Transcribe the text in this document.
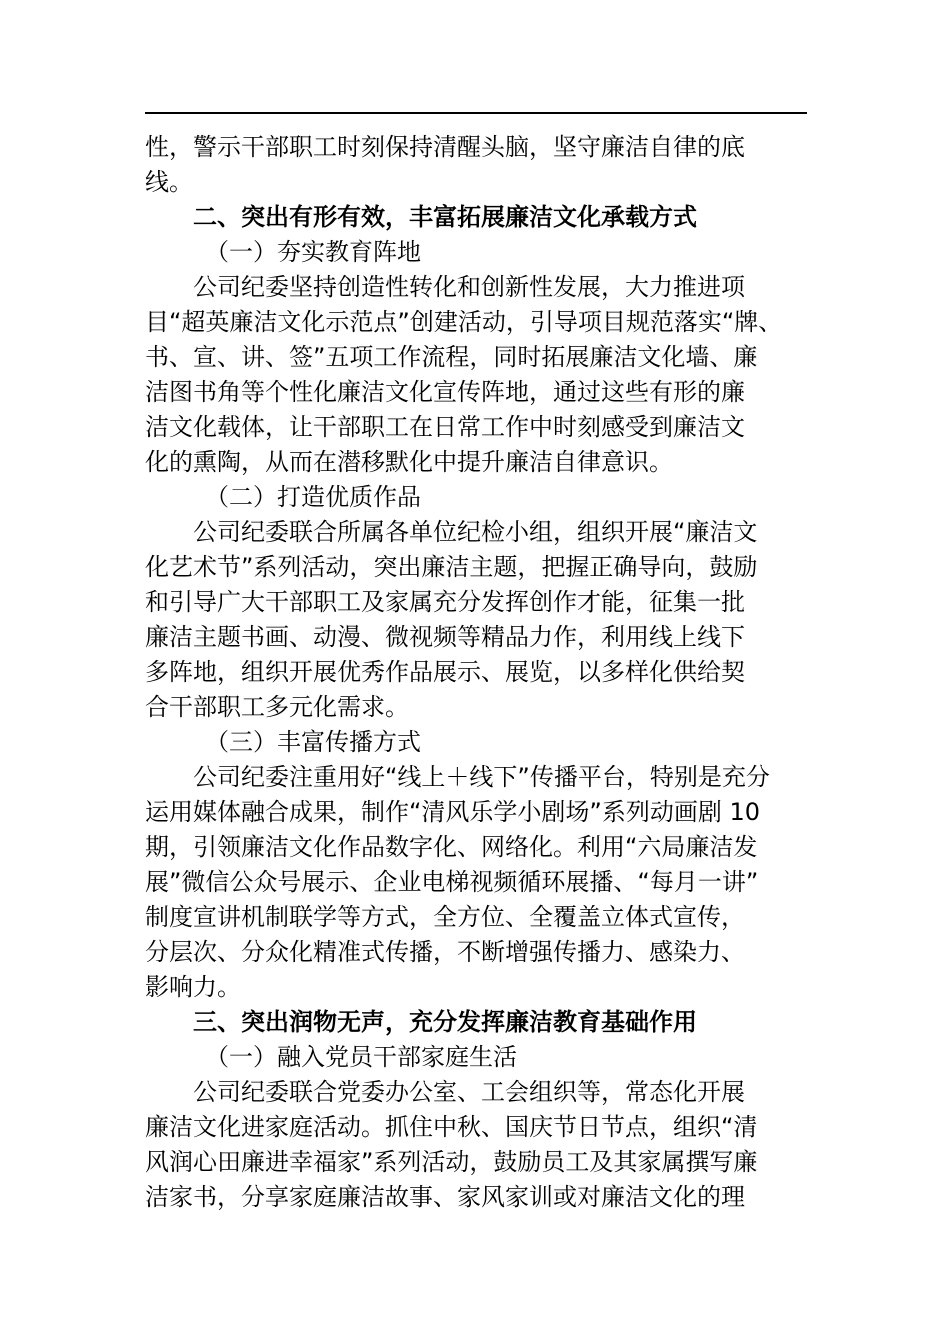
性，警示干部职工时刻保持清醒头脑，坚守廉洁自律的底
线。
二、突出有形有效，丰富拓展廉洁文化承载方式
（一）夯实教育阵地
公司纪委坚持创造性转化和创新性发展，大力推进项
目“超英廉洁文化示范点”创建活动，引导项目规范落实“牌、
书、宣、讲、签”五项工作流程，同时拓展廉洁文化墙、廉
洁图书角等个性化廉洁文化宣传阵地，通过这些有形的廉
洁文化载体，让干部职工在日常工作中时刻感受到廉洁文
化的熏陶，从而在潜移默化中提升廉洁自律意识。
（二）打造优质作品
公司纪委联合所属各单位纪检小组，组织开展“廉洁文
化艺术节”系列活动，突出廉洁主题，把握正确导向，鼓励
和引导广大干部职工及家属充分发挥创作才能，征集一批
廉洁主题书画、动漫、微视频等精品力作，利用线上线下
多阵地，组织开展优秀作品展示、展览，以多样化供给契
合干部职工多元化需求。
（三）丰富传播方式
公司纪委注重用好“线上＋线下”传播平台，特别是充分
运用媒体融合成果，制作“清风乐学小剧场”系列动画剧 10
期，引领廉洁文化作品数字化、网络化。利用“六局廉洁发
展”微信公众号展示、企业电梯视频循环展播、“每月一讲”
制度宣讲机制联学等方式，全方位、全覆盖立体式宣传，
分层次、分众化精准式传播，不断增强传播力、感染力、
影响力。
三、突出润物无声，充分发挥廉洁教育基础作用
（一）融入党员干部家庭生活
公司纪委联合党委办公室、工会组织等，常态化开展
廉洁文化进家庭活动。抓住中秋、国庆节日节点，组织“清
风润心田廉进幸福家”系列活动，鼓励员工及其家属撰写廉
洁家书，分享家庭廉洁故事、家风家训或对廉洁文化的理
